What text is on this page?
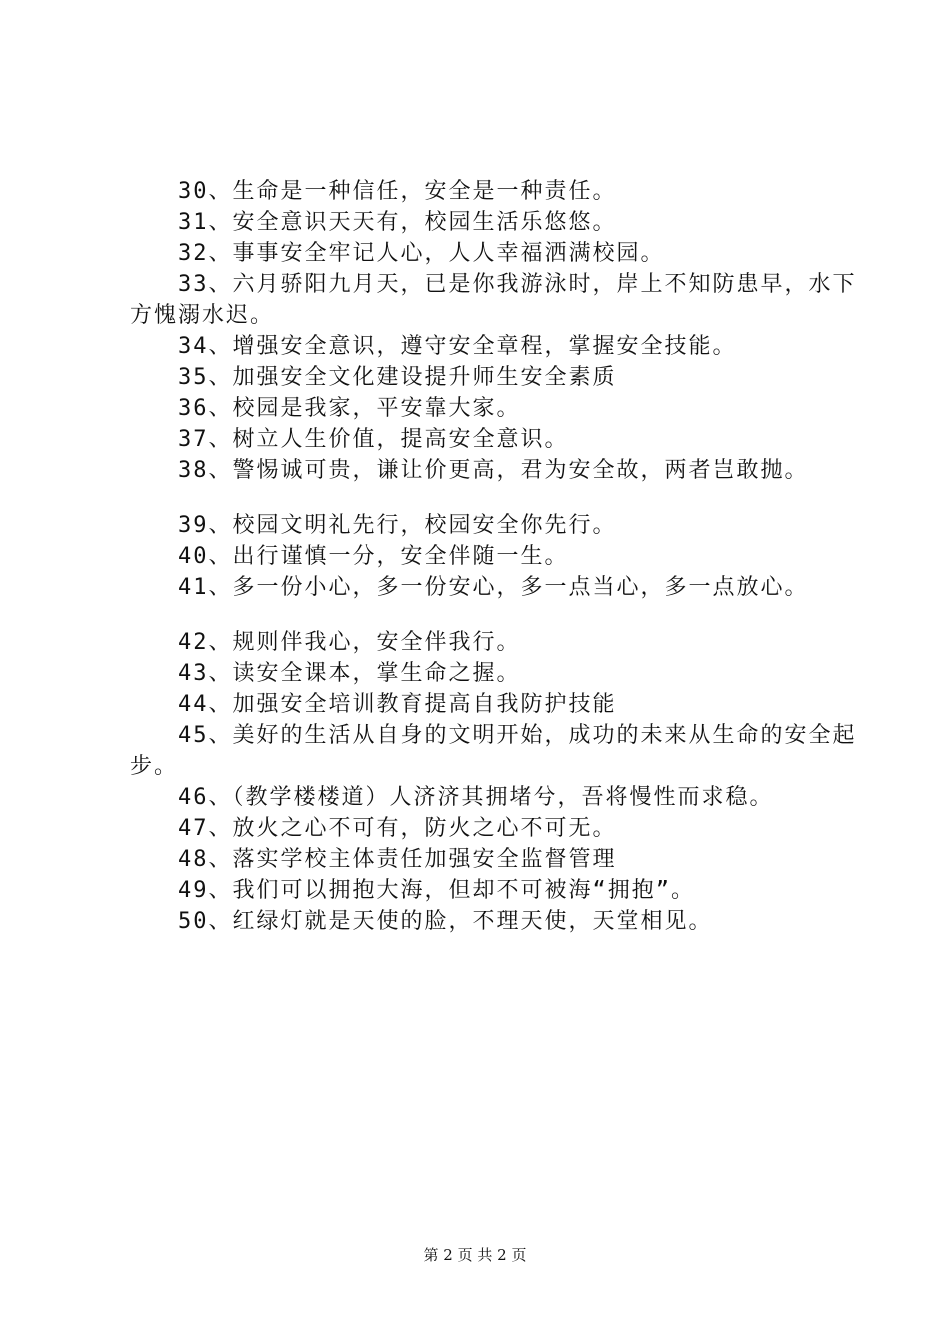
30、生命是一种信任，安全是一种责任。
31、安全意识天天有，校园生活乐悠悠。
32、事事安全牢记人心，人人幸福洒满校园。
33、六月骄阳九月天，已是你我游泳时，岸上不知防患早，水下方愧溺水迟。
34、增强安全意识，遵守安全章程，掌握安全技能。
35、加强安全文化建设提升师生安全素质
36、校园是我家，平安靠大家。
37、树立人生价值，提高安全意识。
38、警惕诚可贵，谦让价更高，君为安全故，两者岂敢抛。
39、校园文明礼先行，校园安全你先行。
40、出行谨慎一分，安全伴随一生。
41、多一份小心，多一份安心，多一点当心，多一点放心。
42、规则伴我心，安全伴我行。
43、读安全课本，掌生命之握。
44、加强安全培训教育提高自我防护技能
45、美好的生活从自身的文明开始，成功的未来从生命的安全起步。
46、（教学楼楼道）人济济其拥堵兮，吾将慢性而求稳。
47、放火之心不可有，防火之心不可无。
48、落实学校主体责任加强安全监督管理
49、我们可以拥抱大海，但却不可被海“拥抱”。
50、红绿灯就是天使的脸，不理天使，天堂相见。
第 2 页 共 2 页
